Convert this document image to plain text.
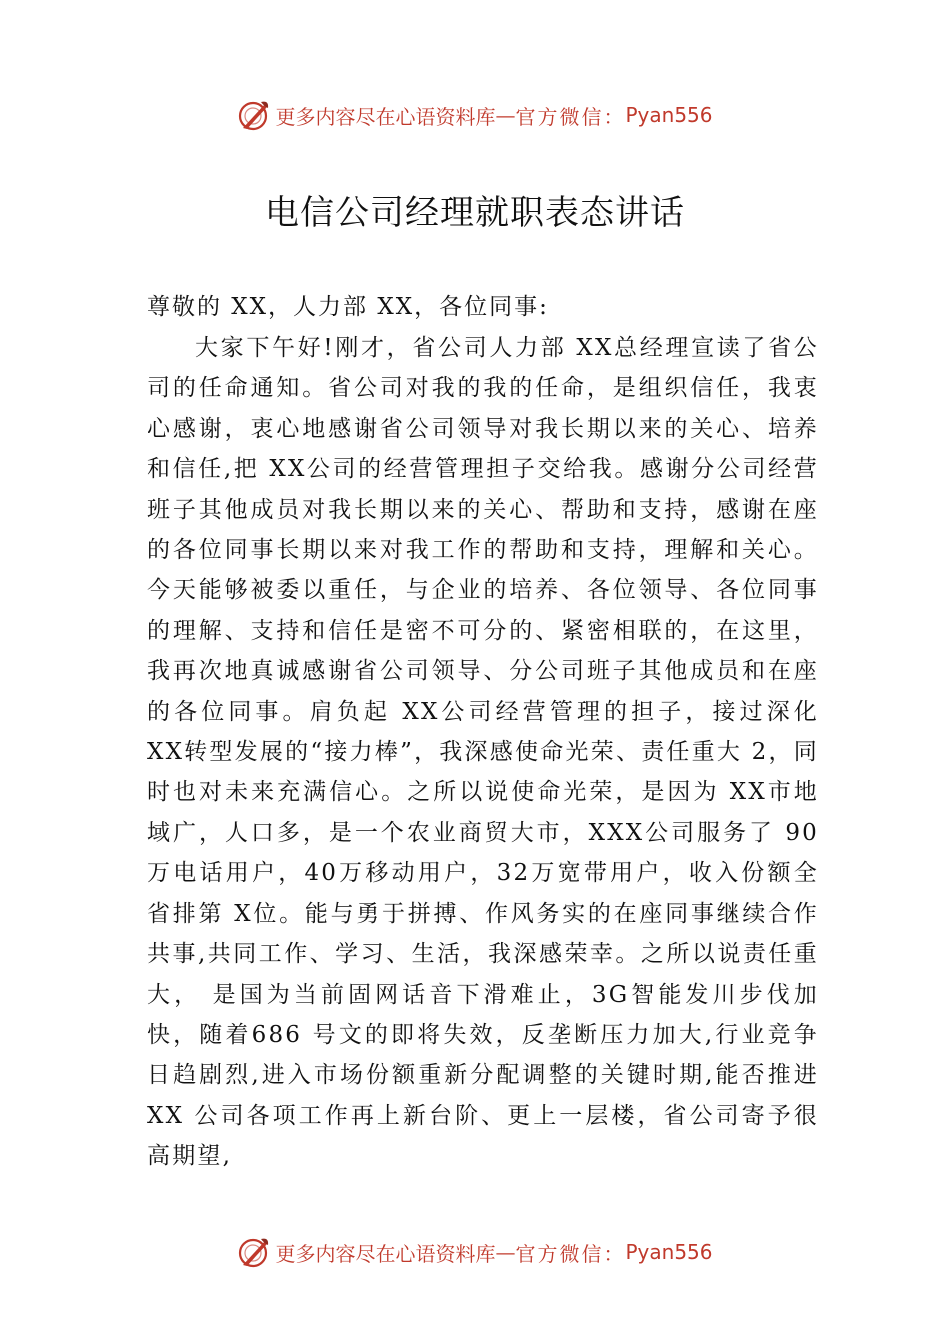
更多内容尽在心语资料库 — 官方微信： Pyan556
电信公司经理就职表态讲话
尊敬的 XX，人力部 XX，各位同事:

大家下午好!刚才，省公司人力部 XX总经理宣读了省公司的任命通知。省公司对我的我的任命，是组织信任，我衷心感谢，衷心地感谢省公司领导对我长期以来的关心、培养和信任,把 XX公司的经营管理担子交给我。感谢分公司经营班子其他成员对我长期以来的关心、帮助和支持，感谢在座的各位同事长期以来对我工作的帮助和支持，理解和关心。 今天能够被委以重任，与企业的培养、各位领导、各位同事的理解、支持和信任是密不可分的、紧密相联的，在这里， 我再次地真诚感谢省公司领导、分公司班子其他成员和在座的各位同事。肩负起 XX公司经营管理的担子，接过深化 XX转型发展的“接力棒”，我深感使命光荣、责任重大 2，同时也对未来充满信心。之所以说使命光荣，是因为 XX市地域广，人口多，是一个农业商贸大市，XXX公司服务了 90万电话用户，40万移动用户，32万宽带用户，收入份额全省排第 X位。能与勇于拼搏、作风务实的在座同事继续合作共事,共同工作、学习、生活，我深感荣幸。之所以说责任重大， 是国为当前固网话音下滑难止，3G智能发川步伐加快，随着686 号文的即将失效，反垄断压力加大,行业竞争日趋剧烈,进入市场份额重新分配调整的关键时期,能否推进 XX 公司各项工作再上新台阶、更上一层楼，省公司寄予很高期望,

更多内容尽在心语资料库 — 官方微信： Pyan556
